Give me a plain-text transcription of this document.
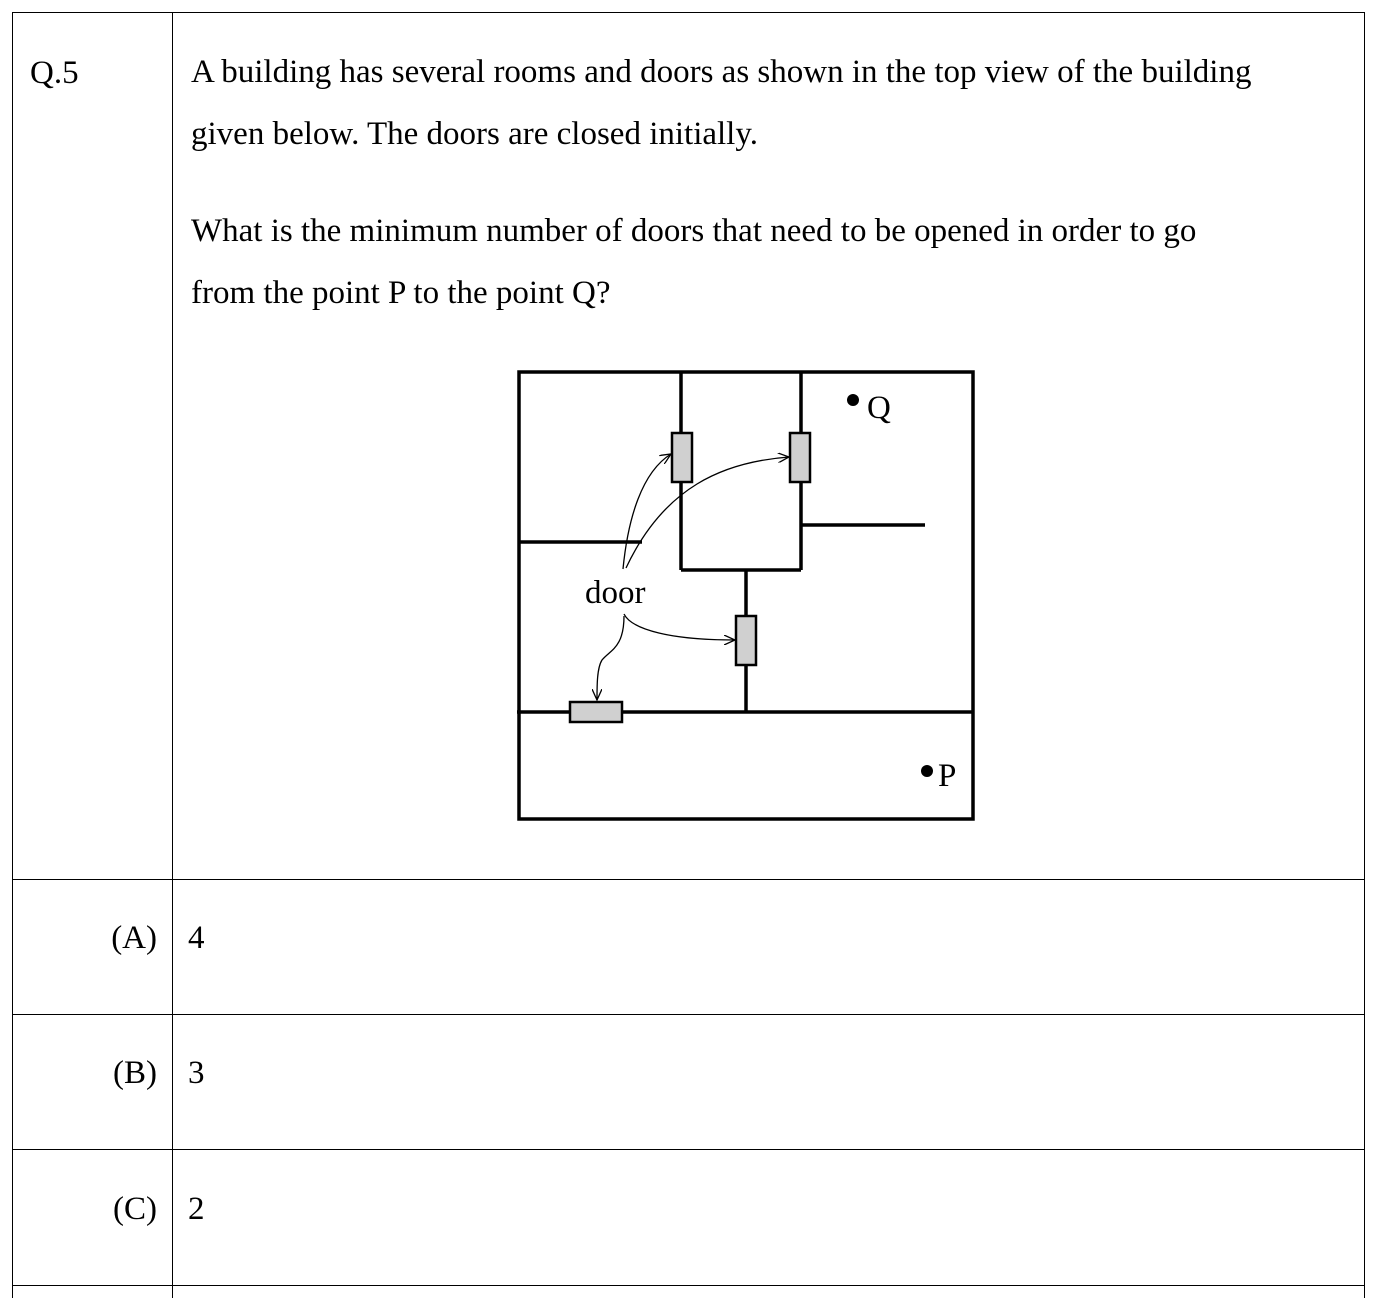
Q.5	A building has several rooms and doors as shown in the top view of the building

given below. The doors are closed initially.

What is the minimum number of doors that need to be opened in order to go

from the point P to the point Q?

door
Q
P
(A) 4
(B) 3
(C) 2
